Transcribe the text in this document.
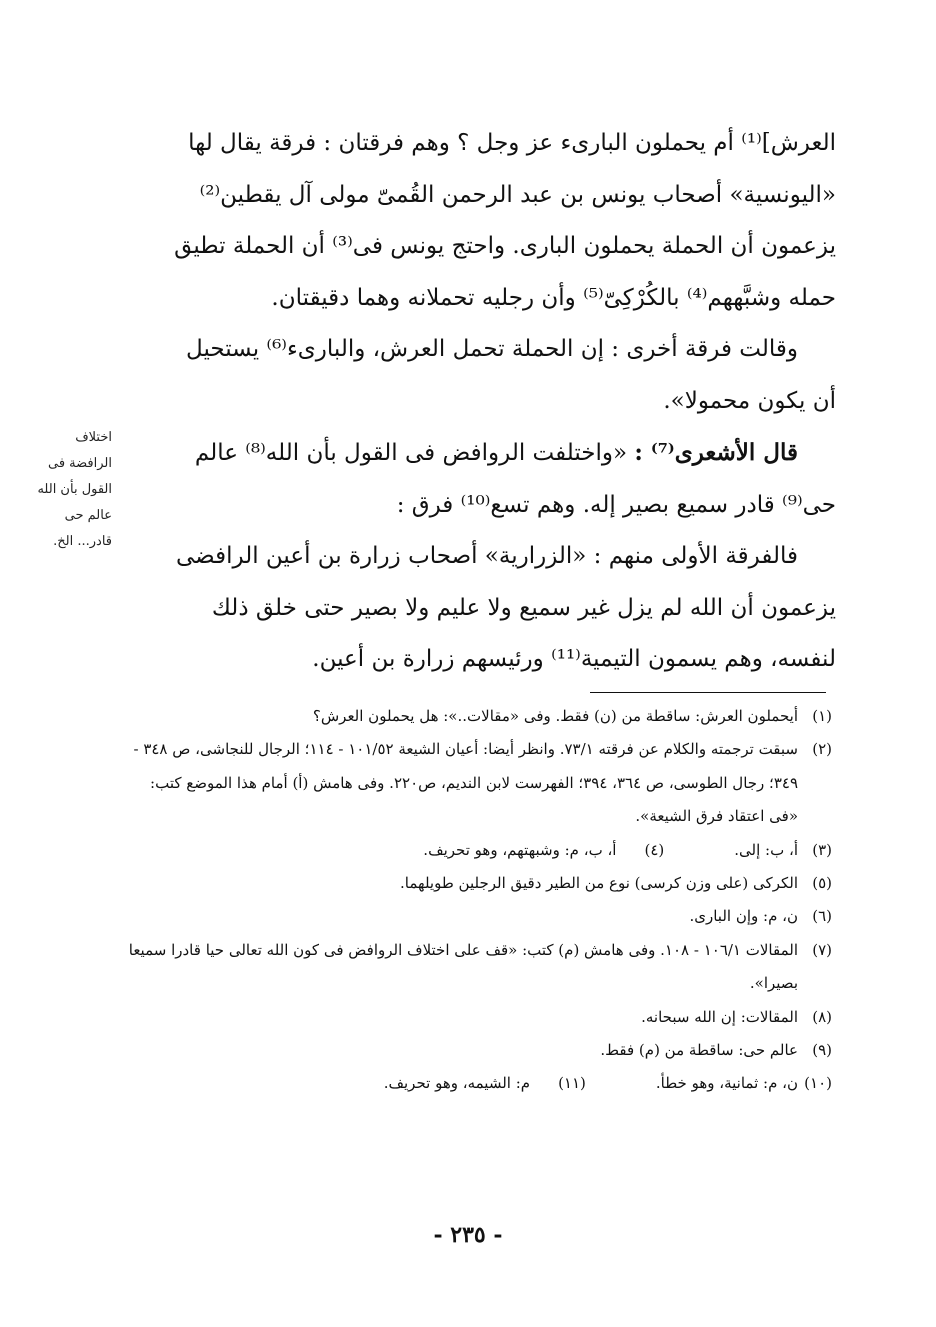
العرش]⁽¹⁾ أم يحملون البارىء عز وجل ؟ وهم فرقتان : فرقة يقال لها

«اليونسية» أصحاب يونس بن عبد الرحمن القُمىّ مولى آل يقطين⁽²⁾

يزعمون أن الحملة يحملون البارى. واحتج يونس فى⁽³⁾ أن الحملة تطيق

حمله وشبَّههم⁽⁴⁾ بالكُرْكِىّ⁽⁵⁾ وأن رجليه تحملانه وهما دقيقتان.

وقالت فرقة أخرى : إن الحملة تحمل العرش، والبارىء⁽⁶⁾ يستحيل

أن يكون محمولا».

قال الأشعرى⁽⁷⁾ : «واختلفت الروافض فى القول بأن الله⁽⁸⁾ عالم

حى⁽⁹⁾ قادر سميع بصير إله. وهم تسع⁽¹⁰⁾ فرق :

فالفرقة الأولى منهم : «الزرارية» أصحاب زرارة بن أعين الرافضى

يزعمون أن الله لم يزل غير سميع ولا عليم ولا بصير حتى خلق ذلك

لنفسه، وهم يسمون التيمية⁽¹¹⁾ ورئيسهم زرارة بن أعين.

اختلاف
الرافضة فى
القول بأن الله
عالم حى
قادر... الخ.
(١)
أيحملون العرش: ساقطة من (ن) فقط. وفى «مقالات..»: هل يحملون العرش؟
(٢)
سبقت ترجمته والكلام عن فرقته ٧٣/١. وانظر أيضا: أعيان الشيعة ١٠١/٥٢ - ١١٤؛ الرجال للنجاشى، ص ٣٤٨ - ٣٤٩؛ رجال الطوسى، ص ٣٦٤، ٣٩٤؛ الفهرست لابن النديم، ص٢٢٠. وفى هامش (أ) أمام هذا الموضع كتب: «فى اعتقاد فرق الشيعة».
(٣)
أ، ب: إلى.(٤)أ، ب، م: وشبهتهم، وهو تحريف.
(٥)
الكركى (على وزن كرسى) نوع من الطير دقيق الرجلين طويلهما.
(٦)
ن، م: وإن البارى.
(٧)
المقالات ١٠٦/١ - ١٠٨. وفى هامش (م) كتب: «قف على اختلاف الروافض فى كون الله تعالى حيا قادرا سميعا بصيرا».
(٨)
المقالات: إن الله سبحانه.
(٩)
عالم حى: ساقطة من (م) فقط.
(١٠)
ن، م: ثمانية، وهو خطأ.(١١)م: الشيمه، وهو تحريف.
- ٢٣٥ -
